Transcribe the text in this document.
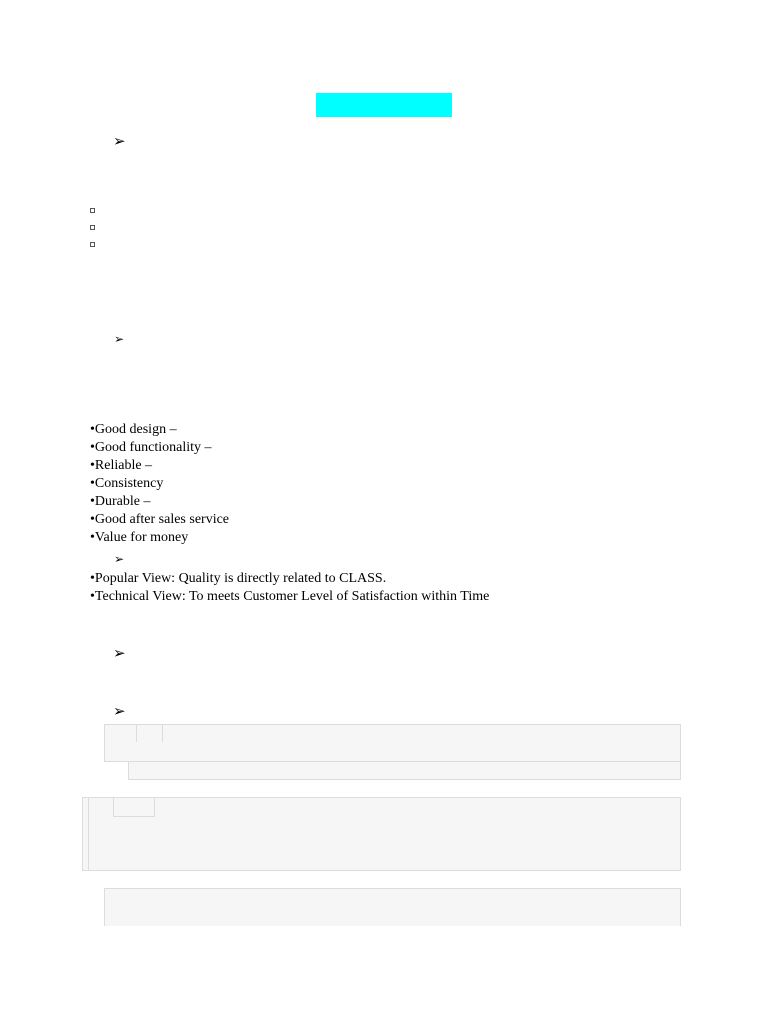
➢
➢
•Good design –
•Good functionality –
•Reliable –
•Consistency
•Durable –
•Good after sales service
•Value for money
➢
•Popular View: Quality is directly related to CLASS.
•Technical View: To meets Customer Level of Satisfaction within Time
➢
➢
